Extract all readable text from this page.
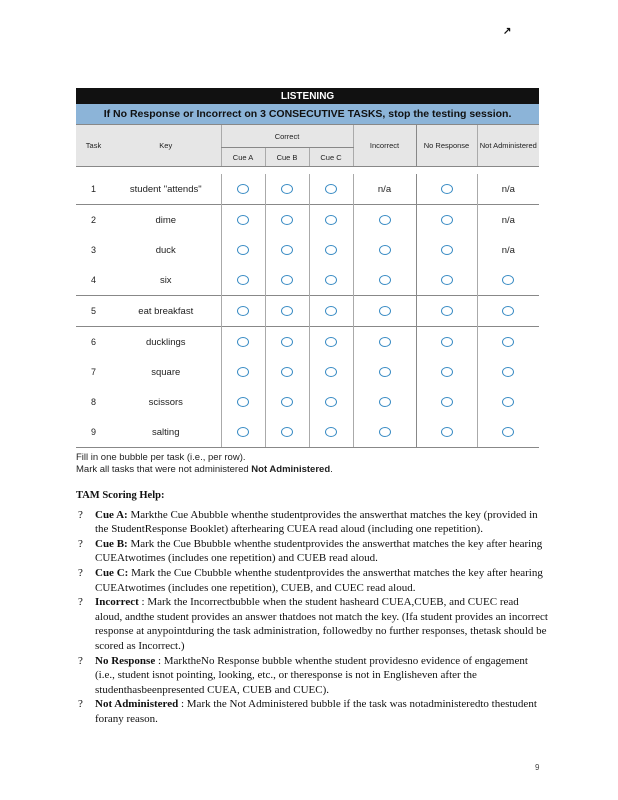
↗
LISTENING							
If No Response or Incorrect on 3 CONSECUTIVE TASKS, stop the testing session.							
Task	Key	Correct			Incorrect	No Response	Not Administered
		Cue A	Cue B	Cue C			

1	student "attends"				n/a		n/a
2	dime						n/a
3	duck						n/a
4	six						
5	eat breakfast						
6	ducklings						
7	square						
8	scissors						
9	salting						
Fill in one bubble per task (i.e., per row).
Mark all tasks that were not administered Not Administered.
TAM Scoring Help:
? Cue A: Markthe Cue Abubble whenthe studentprovides the answerthat matches the key (provided in the StudentResponse Booklet) afterhearing CUEA read aloud (including one repetition).
? Cue B: Mark the Cue Bbubble whenthe studentprovides the answerthat matches the key after hearing CUEAtwotimes (includes one repetition) and CUEB read aloud.
? Cue C: Mark the Cue Cbubble whenthe studentprovides the answerthat matches the key after hearing CUEAtwotimes (includes one repetition), CUEB, and CUEC read aloud.
? Incorrect : Mark the Incorrectbubble when the student hasheard CUEA,CUEB, and CUEC read aloud, andthe student provides an answer thatdoes not match the key. (Ifa student provides an incorrect response at anypointduring the task administration, followedby no further responses, thetask should be scored as Incorrect.)
? No Response : MarktheNo Response bubble whenthe student providesno evidence of engagement (i.e., student isnot pointing, looking, etc., or theresponse is not in Englisheven after the studenthasbeenpresented CUEA, CUEB and CUEC).
? Not Administered : Mark the Not Administered bubble if the task was notadministeredto thestudent forany reason.
9
